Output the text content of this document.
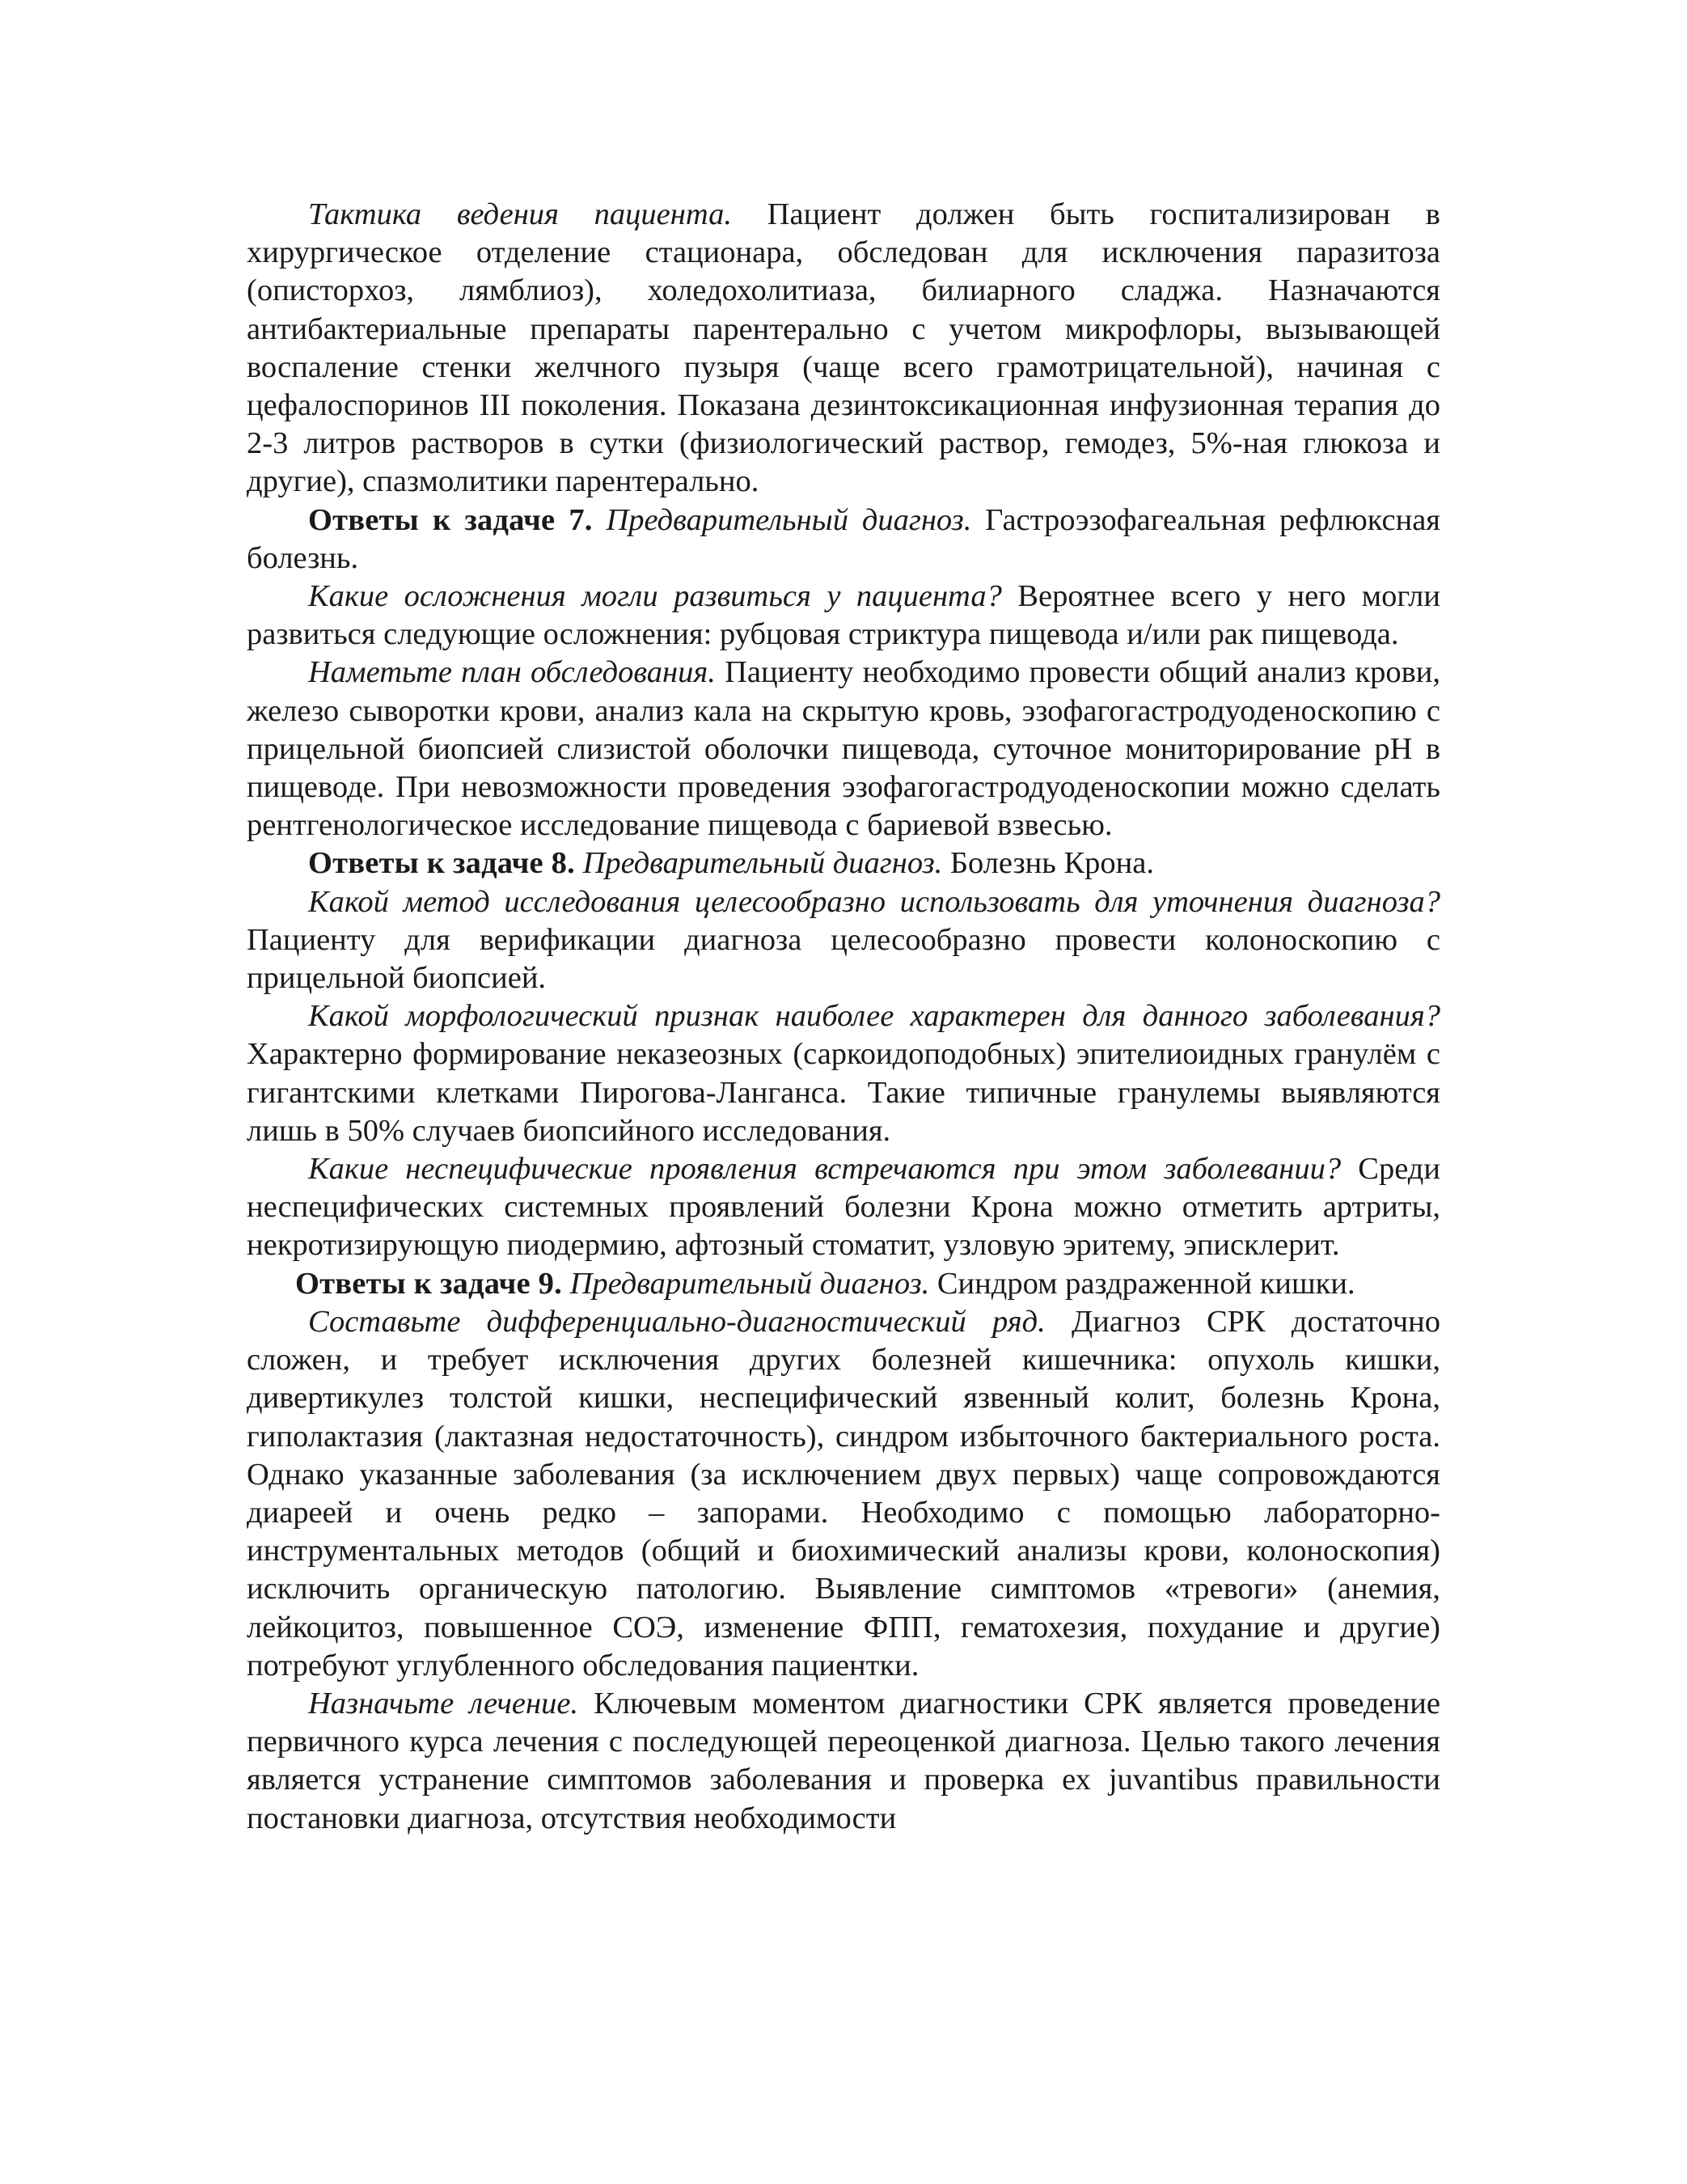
Тактика ведения пациента. Пациент должен быть госпитализирован в хирургическое отделение стационара, обследован для исключения паразитоза (описторхоз, лямблиоз), холедохолитиаза, билиарного сладжа. Назначаются антибактериальные препараты парентерально с учетом микрофлоры, вызывающей воспаление стенки желчного пузыря (чаще всего грамотрицательной), начиная с цефалоспоринов III поколения. Показана дезинтоксикационная инфузионная терапия до 2-3 литров растворов в сутки (физиологический раствор, гемодез, 5%-ная глюкоза и другие), спазмолитики парентерально.

Ответы к задаче 7. Предварительный диагноз. Гастроэзофагеальная рефлюксная болезнь.

Какие осложнения могли развиться у пациента? Вероятнее всего у него могли развиться следующие осложнения: рубцовая стриктура пищевода и/или рак пищевода.

Наметьте план обследования. Пациенту необходимо провести общий анализ крови, железо сыворотки крови, анализ кала на скрытую кровь, эзофагогастродуоденоскопию с прицельной биопсией слизистой оболочки пищевода, суточное мониторирование pH в пищеводе. При невозможности проведения эзофагогастродуоденоскопии можно сделать рентгенологическое исследование пищевода с бариевой взвесью.

Ответы к задаче 8. Предварительный диагноз. Болезнь Крона.

Какой метод исследования целесообразно использовать для уточнения диагноза? Пациенту для верификации диагноза целесообразно провести колоноскопию с прицельной биопсией.

Какой морфологический признак наиболее характерен для данного заболевания? Характерно формирование неказеозных (саркоидоподобных) эпителиоидных гранулём с гигантскими клетками Пирогова-Ланганса. Такие типичные гранулемы выявляются лишь в 50% случаев биопсийного исследования.

Какие неспецифические проявления встречаются при этом заболевании? Среди неспецифических системных проявлений болезни Крона можно отметить артриты, некротизирующую пиодермию, афтозный стоматит, узловую эритему, эписклерит.

Ответы к задаче 9. Предварительный диагноз. Синдром раздраженной кишки.

Составьте дифференциально-диагностический ряд. Диагноз СРК достаточно сложен, и требует исключения других болезней кишечника: опухоль кишки, дивертикулез толстой кишки, неспецифический язвенный колит, болезнь Крона, гиполактазия (лактазная недостаточность), синдром избыточного бактериального роста. Однако указанные заболевания (за исключением двух первых) чаще сопровождаются диареей и очень редко – запорами. Необходимо с помощью лабораторно-инструментальных методов (общий и биохимический анализы крови, колоноскопия) исключить органическую патологию. Выявление симптомов «тревоги» (анемия, лейкоцитоз, повышенное СОЭ, изменение ФПП, гематохезия, похудание и другие) потребуют углубленного обследования пациентки.

Назначьте лечение. Ключевым моментом диагностики СРК является проведение первичного курса лечения с последующей переоценкой диагноза. Целью такого лечения является устранение симптомов заболевания и проверка ех juvantibus правильности постановки диагноза, отсутствия необходимости
